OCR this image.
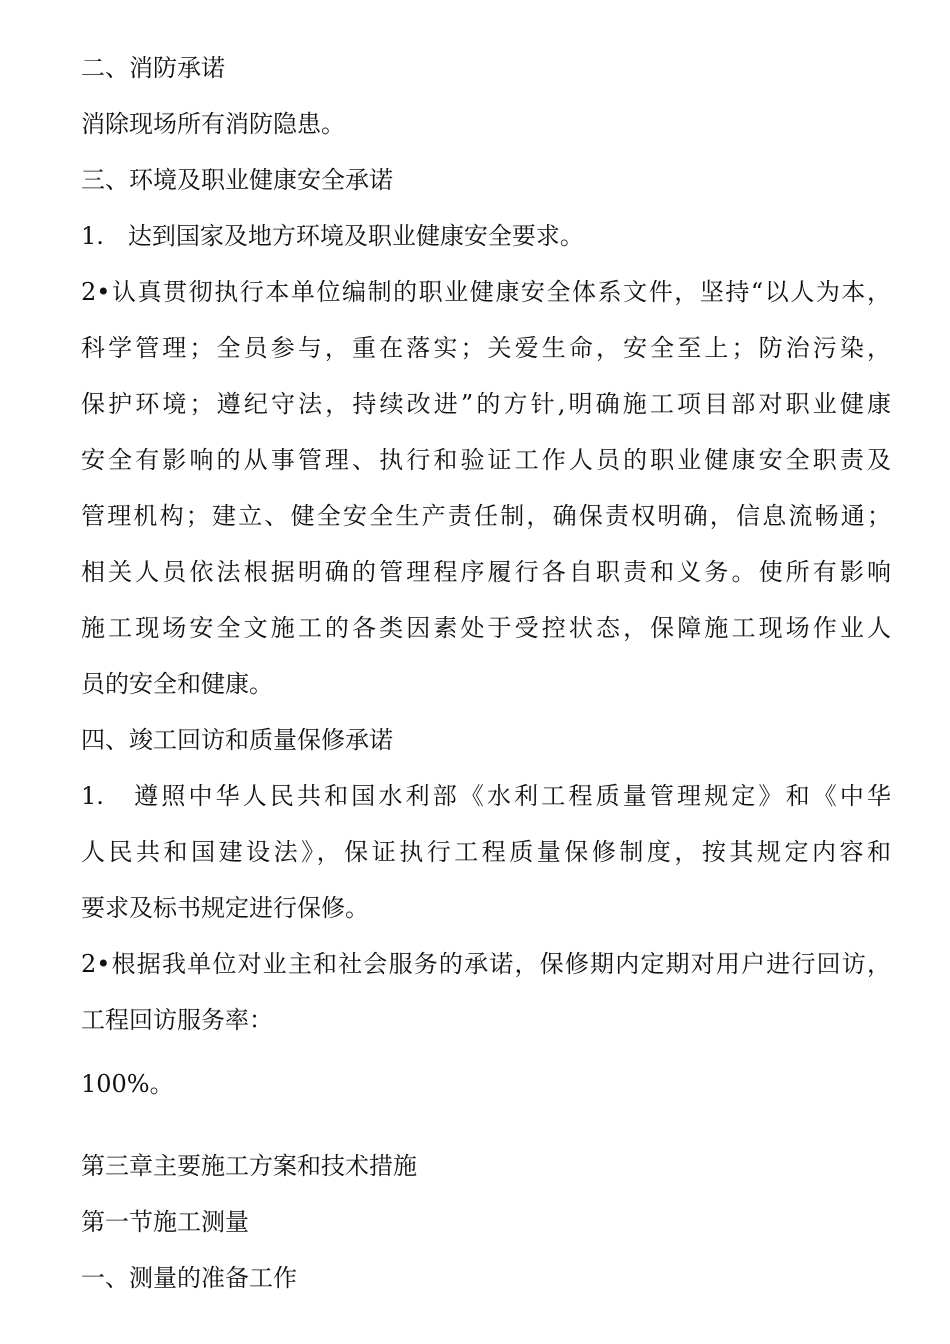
二、消防承诺
消除现场所有消防隐患。
三、环境及职业健康安全承诺
1.　达到国家及地方环境及职业健康安全要求。
2•认真贯彻执行本单位编制的职业健康安全体系文件，坚持“以人为本，
科学管理；全员参与，重在落实；关爱生命，安全至上；防治污染，
保护环境；遵纪守法，持续改进”的方针,明确施工项目部对职业健康
安全有影响的从事管理、执行和验证工作人员的职业健康安全职责及
管理机构；建立、健全安全生产责任制，确保责权明确，信息流畅通；
相关人员依法根据明确的管理程序履行各自职责和义务。使所有影响
施工现场安全文施工的各类因素处于受控状态，保障施工现场作业人
员的安全和健康。
四、竣工回访和质量保修承诺
1.　遵照中华人民共和国水利部《水利工程质量管理规定》和《中华
人民共和国建设法》，保证执行工程质量保修制度，按其规定内容和
要求及标书规定进行保修。
2•根据我单位对业主和社会服务的承诺，保修期内定期对用户进行回访，
工程回访服务率：
100%。
第三章主要施工方案和技术措施
第一节施工测量
一、测量的准备工作
